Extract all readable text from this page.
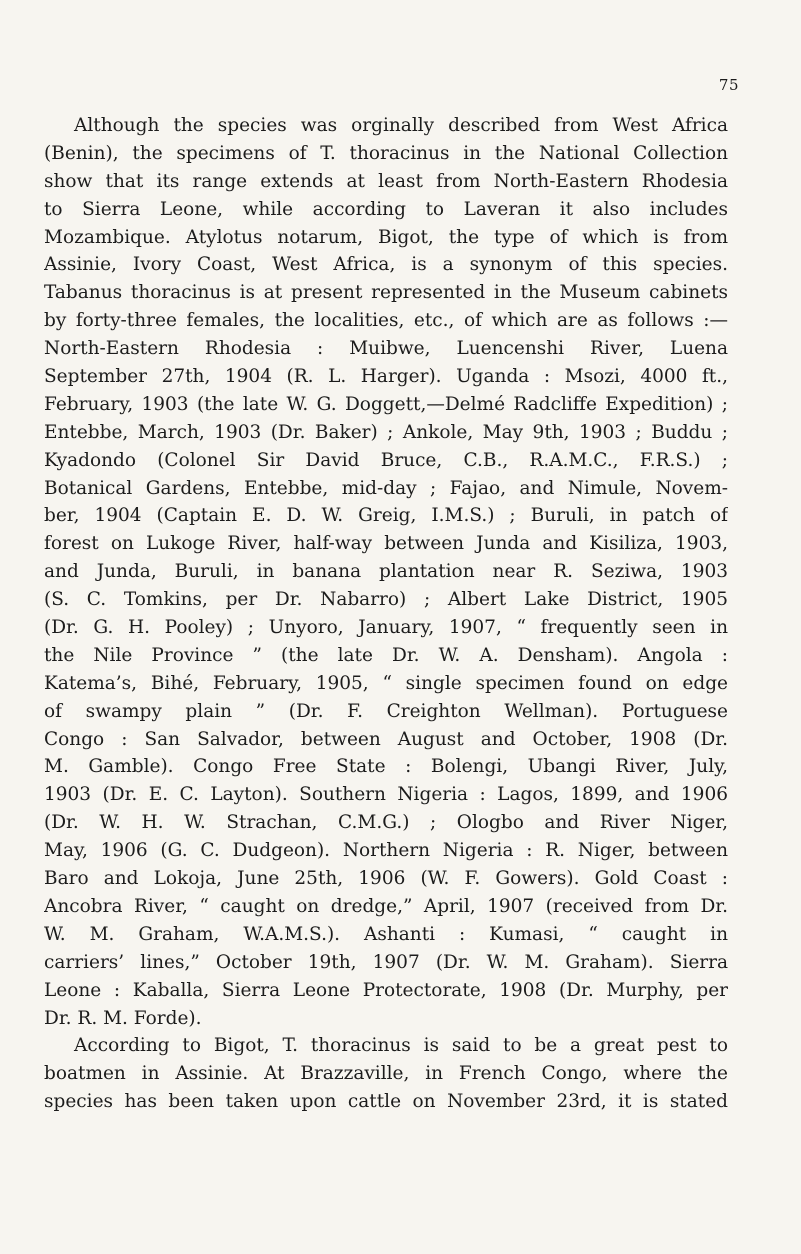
75
Although the species was orginally described from West Africa
(Benin), the specimens of T. thoracinus in the National Collection
show that its range extends at least from North-Eastern Rhodesia
to Sierra Leone, while according to Laveran it also includes
Mozambique. Atylotus notarum, Bigot, the type of which is from
Assinie, Ivory Coast, West Africa, is a synonym of this species.
Tabanus thoracinus is at present represented in the Museum cabinets
by forty-three females, the localities, etc., of which are as follows :—
North-Eastern Rhodesia : Muibwe, Luencenshi River, Luena
September 27th, 1904 (R. L. Harger). Uganda : Msozi, 4000 ft.,
February, 1903 (the late W. G. Doggett,—Delmé Radcliffe Expedition) ;
Entebbe, March, 1903 (Dr. Baker) ; Ankole, May 9th, 1903 ; Buddu ;
Kyadondo (Colonel Sir David Bruce, C.B., R.A.M.C., F.R.S.) ;
Botanical Gardens, Entebbe, mid-day ; Fajao, and Nimule, Novem-
ber, 1904 (Captain E. D. W. Greig, I.M.S.) ; Buruli, in patch of
forest on Lukoge River, half-way between Junda and Kisiliza, 1903,
and Junda, Buruli, in banana plantation near R. Seziwa, 1903
(S. C. Tomkins, per Dr. Nabarro) ; Albert Lake District, 1905
(Dr. G. H. Pooley) ; Unyoro, January, 1907, “ frequently seen in
the Nile Province ” (the late Dr. W. A. Densham). Angola :
Katema’s, Bihé, February, 1905, “ single specimen found on edge
of swampy plain ” (Dr. F. Creighton Wellman). Portuguese
Congo : San Salvador, between August and October, 1908 (Dr.
M. Gamble). Congo Free State : Bolengi, Ubangi River, July,
1903 (Dr. E. C. Layton). Southern Nigeria : Lagos, 1899, and 1906
(Dr. W. H. W. Strachan, C.M.G.) ; Ologbo and River Niger,
May, 1906 (G. C. Dudgeon). Northern Nigeria : R. Niger, between
Baro and Lokoja, June 25th, 1906 (W. F. Gowers). Gold Coast :
Ancobra River, “ caught on dredge,” April, 1907 (received from Dr.
W. M. Graham, W.A.M.S.). Ashanti : Kumasi, “ caught in
carriers’ lines,” October 19th, 1907 (Dr. W. M. Graham). Sierra
Leone : Kaballa, Sierra Leone Protectorate, 1908 (Dr. Murphy, per
Dr. R. M. Forde).
According to Bigot, T. thoracinus is said to be a great pest to
boatmen in Assinie. At Brazzaville, in French Congo, where the
species has been taken upon cattle on November 23rd, it is stated
